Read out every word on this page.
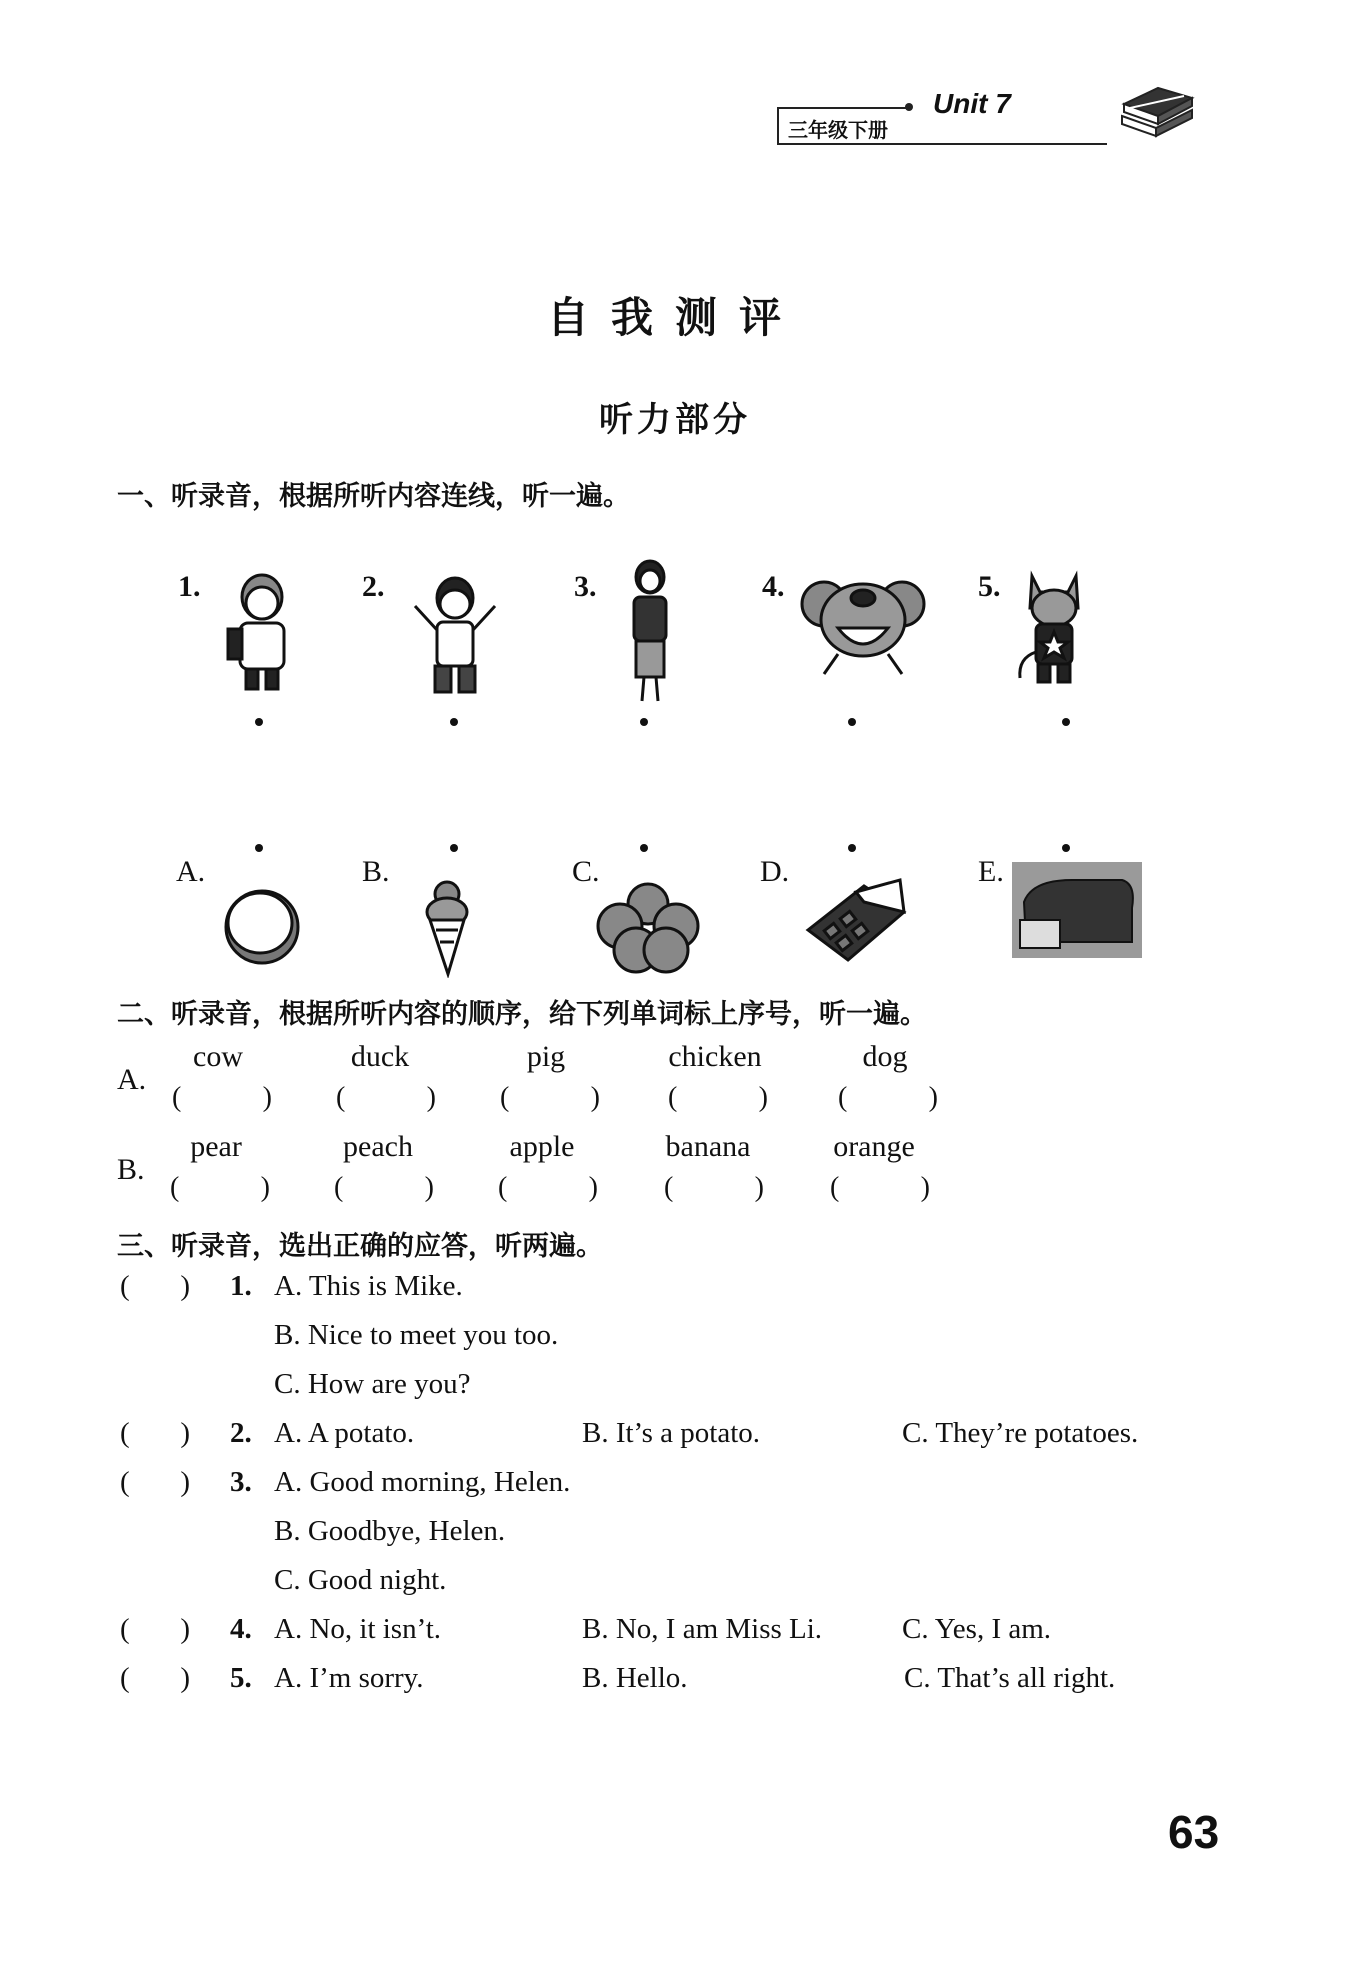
三年级下册
Unit 7
自我测评
听力部分
一、听录音，根据所听内容连线，听一遍。
1.	2.	3.	4.	5.
A.	B.	C.	D.	E.
二、听录音，根据所听内容的顺序，给下列单词标上序号，听一遍。
A.
cow	duck	pig	chicken	dog
(	) (	) (	) (	)	(	)
B.
pear	peach	apple	banana	orange
(	) (	) (	) (	) (	)
三、听录音，选出正确的应答，听两遍。
(       ) 1. A. This is Mike.
B. Nice to meet you too.
C. How are you?
(       ) 2. A. A potato.	B. It’s a potato.	C. They’re potatoes.
(       ) 3. A. Good morning, Helen.
B. Goodbye, Helen.
C. Good night.
(       ) 4. A. No, it isn’t.	B. No, I am Miss Li.	C. Yes, I am.
(       ) 5. A. I’m sorry.	B. Hello.	C. That’s all right.
63
